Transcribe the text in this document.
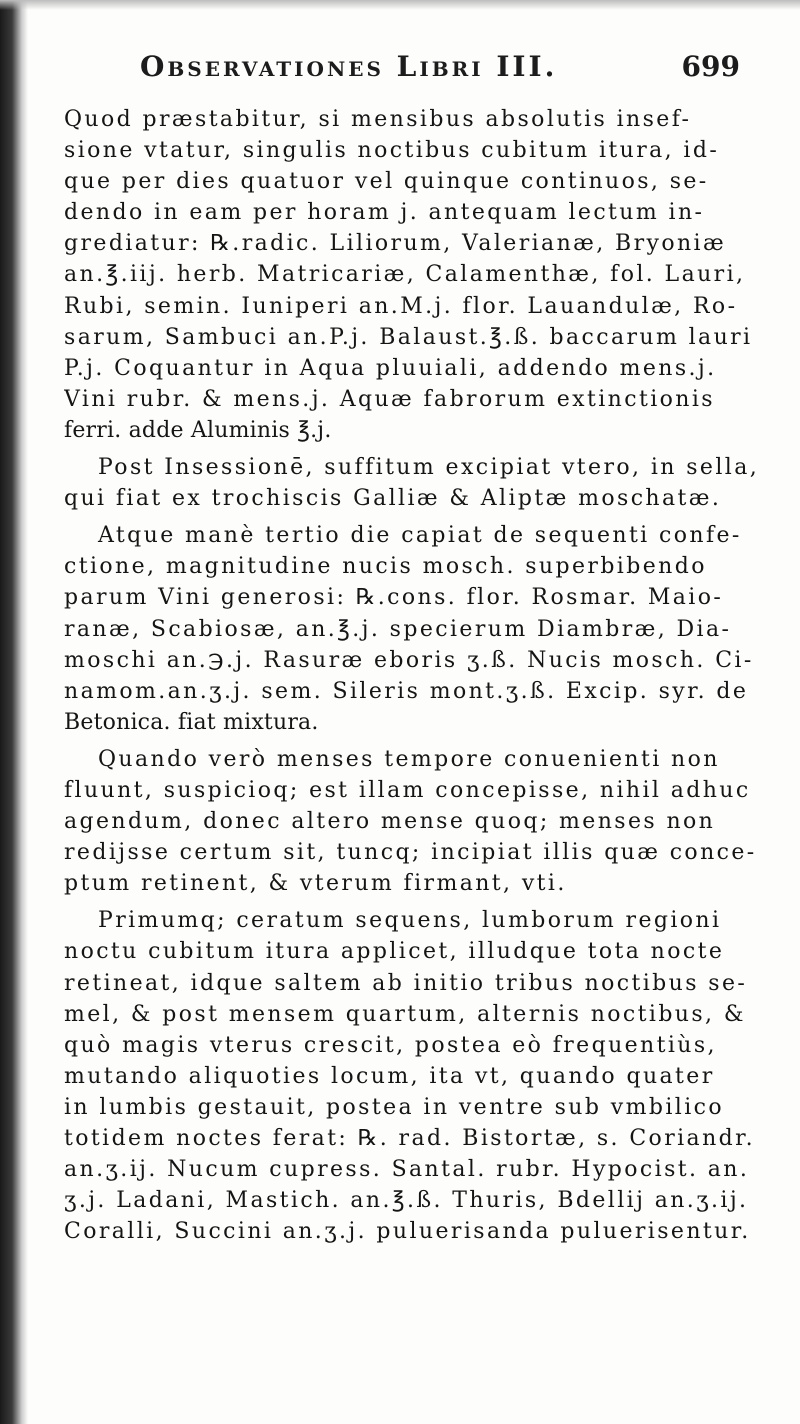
Observationes Libri III.	699
Quod præstabitur, si mensibus absolutis insef-
sione vtatur, singulis noctibus cubitum itura, id-
que per dies quatuor vel quinque continuos, se-
dendo in eam per horam j. antequam lectum in-
grediatur: ℞.radic. Liliorum, Valerianæ, Bryoniæ
an.℥.iij. herb. Matricariæ, Calamenthæ, fol. Lauri,
Rubi, semin. Iuniperi an.M.j. flor. Lauandulæ, Ro-
sarum, Sambuci an.P.j. Balaust.℥.ß. baccarum lauri
P.j. Coquantur in Aqua pluuiali, addendo mens.j.
Vini rubr. & mens.j. Aquæ fabrorum extinctionis
ferri. adde Aluminis ℥.j.
Post Insessionē, suffitum excipiat vtero, in sella,
qui fiat ex trochiscis Galliæ & Aliptæ moschatæ.
Atque manè tertio die capiat de sequenti confe-
ctione, magnitudine nucis mosch. superbibendo
parum Vini generosi: ℞.cons. flor. Rosmar. Maio-
ranæ, Scabiosæ, an.℥.j. specierum Diambræ, Dia-
moschi an.℈.j. Rasuræ eboris ʒ.ß. Nucis mosch. Ci-
namom.an.ʒ.j. sem. Sileris mont.ʒ.ß. Excip. syr. de
Betonica. fiat mixtura.
Quando verò menses tempore conuenienti non
fluunt, suspicioq; est illam concepisse, nihil adhuc
agendum, donec altero mense quoq; menses non
redijsse certum sit, tuncq; incipiat illis quæ conce-
ptum retinent, & vterum firmant, vti.
Primumq; ceratum sequens, lumborum regioni
noctu cubitum itura applicet, illudque tota nocte
retineat, idque saltem ab initio tribus noctibus se-
mel, & post mensem quartum, alternis noctibus, &
quò magis vterus crescit, postea eò frequentiùs,
mutando aliquoties locum, ita vt, quando quater
in lumbis gestauit, postea in ventre sub vmbilico
totidem noctes ferat: ℞. rad. Bistortæ, s. Coriandr.
an.ʒ.ij. Nucum cupress. Santal. rubr. Hypocist. an.
ʒ.j. Ladani, Mastich. an.℥.ß. Thuris, Bdellij an.ʒ.ij.
Coralli, Succini an.ʒ.j. puluerisanda puluerisentur.
